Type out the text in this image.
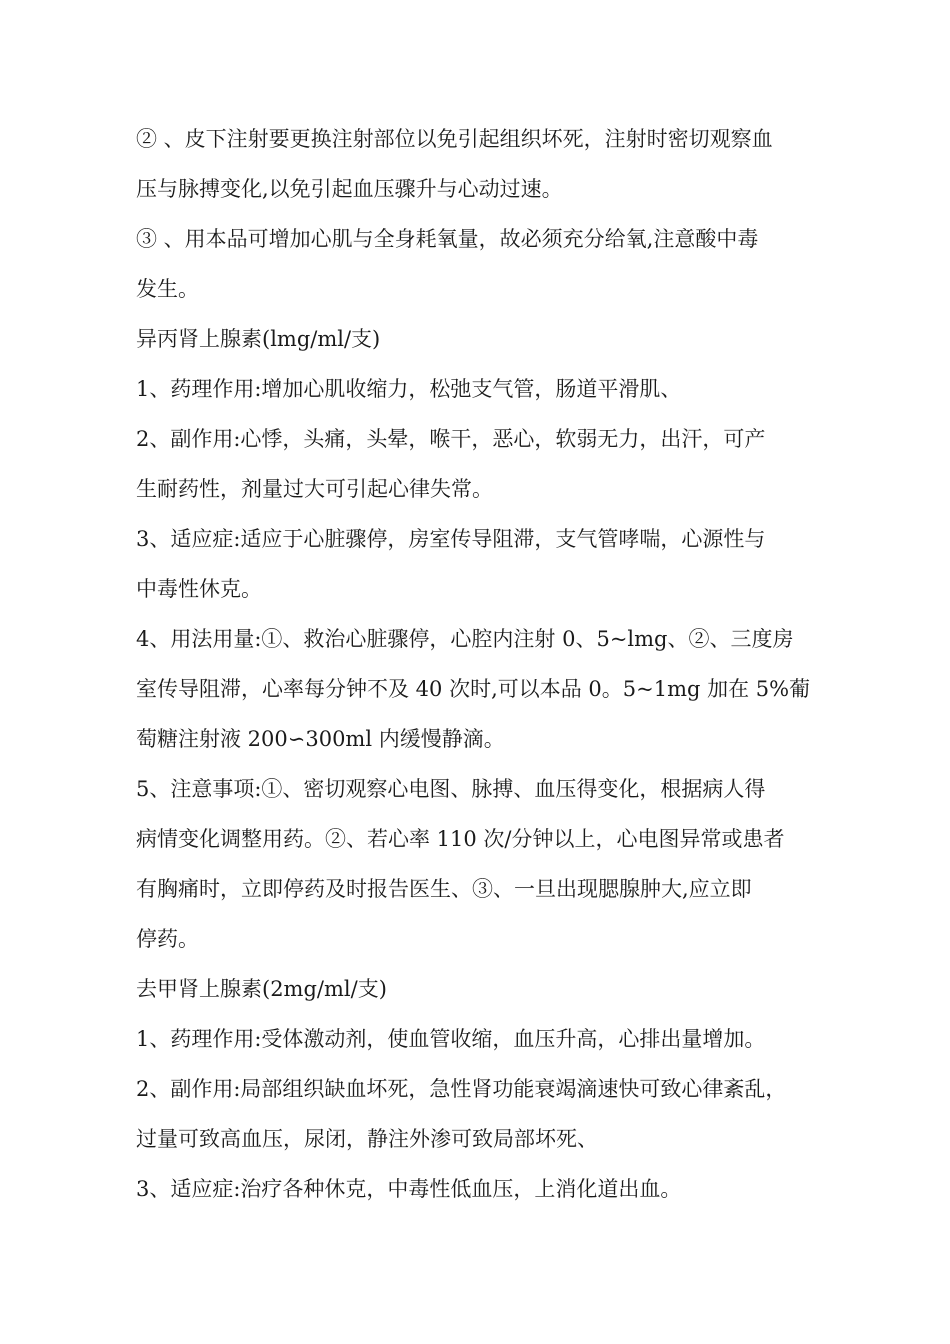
② 、皮下注射要更换注射部位以免引起组织坏死，注射时密切观察血

压与脉搏变化,以免引起血压骤升与心动过速。

③ 、用本品可增加心肌与全身耗氧量，故必须充分给氧,注意酸中毒

发生。

异丙肾上腺素(lmg/ml/支)

1、药理作用:增加心肌收缩力，松弛支气管，肠道平滑肌、

2、副作用:心悸，头痛，头晕，喉干，恶心，软弱无力，出汗，可产

生耐药性，剂量过大可引起心律失常。

3、适应症:适应于心脏骤停，房室传导阻滞，支气管哮喘，心源性与

中毒性休克。

4、用法用量:①、救治心脏骤停，心腔内注射 0、5~lmg、②、三度房

室传导阻滞，心率每分钟不及 40 次时,可以本品 0。5~1mg 加在 5%葡

萄糖注射液 200∽300ml 内缓慢静滴。

5、注意事项:①、密切观察心电图、脉搏、血压得变化，根据病人得

病情变化调整用药。②、若心率 110 次/分钟以上，心电图异常或患者

有胸痛时，立即停药及时报告医生、③、一旦出现腮腺肿大,应立即

停药。

去甲肾上腺素(2mg/ml/支)

1、药理作用:受体激动剂，使血管收缩，血压升高，心排出量增加。

2、副作用:局部组织缺血坏死，急性肾功能衰竭滴速快可致心律紊乱，

过量可致高血压，尿闭，静注外渗可致局部坏死、

3、适应症:治疗各种休克，中毒性低血压，上消化道出血。
